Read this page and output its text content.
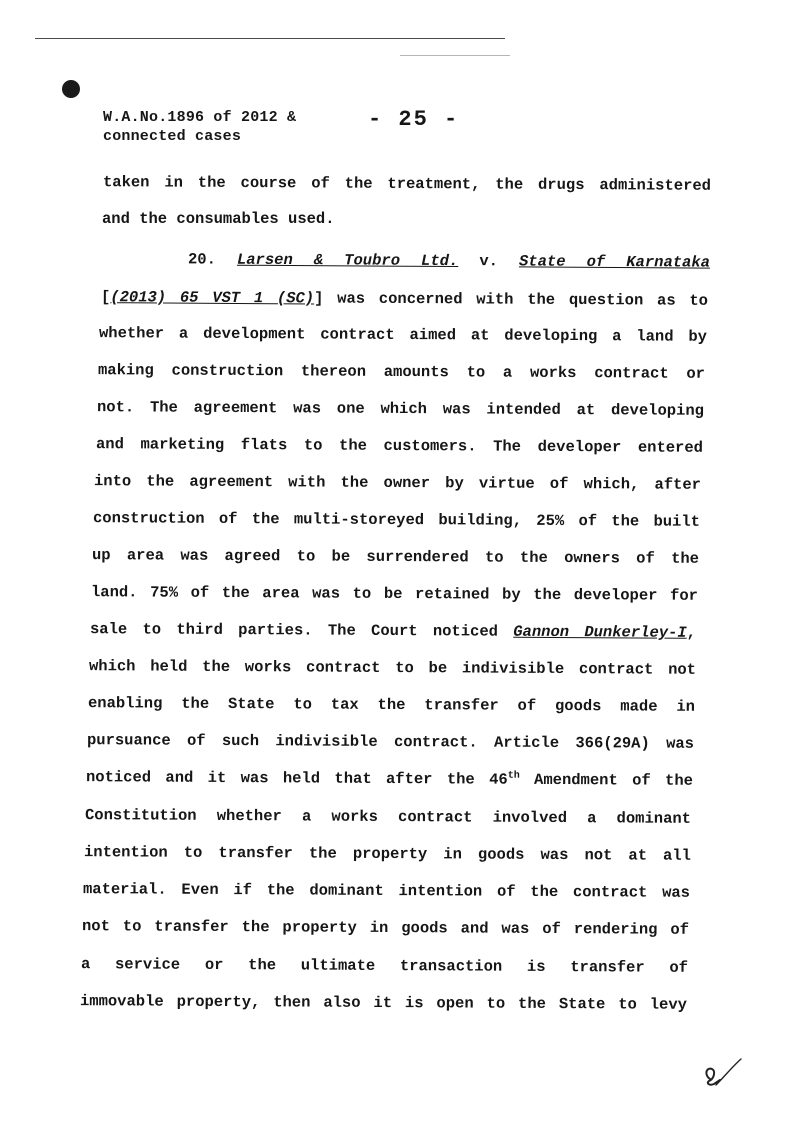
W.A.No.1896 of 2012 &
connected cases
- 25 -
taken in the course of the treatment, the drugs administered
and the consumables used.
20. Larsen & Toubro Ltd. v. State of Karnataka
[(2013) 65 VST 1 (SC)] was concerned with the question as to
whether a development contract aimed at developing a land by
making construction thereon amounts to a works contract or
not. The agreement was one which was intended at developing
and marketing flats to the customers. The developer entered
into the agreement with the owner by virtue of which, after
construction of the multi-storeyed building, 25% of the built
up area was agreed to be surrendered to the owners of the
land. 75% of the area was to be retained by the developer for
sale to third parties. The Court noticed Gannon Dunkerley-I,
which held the works contract to be indivisible contract not
enabling the State to tax the transfer of goods made in
pursuance of such indivisible contract. Article 366(29A) was
noticed and it was held that after the 46th Amendment of the
Constitution whether a works contract involved a dominant
intention to transfer the property in goods was not at all
material. Even if the dominant intention of the contract was
not to transfer the property in goods and was of rendering of
a service or the ultimate transaction is transfer of
immovable property, then also it is open to the State to levy
